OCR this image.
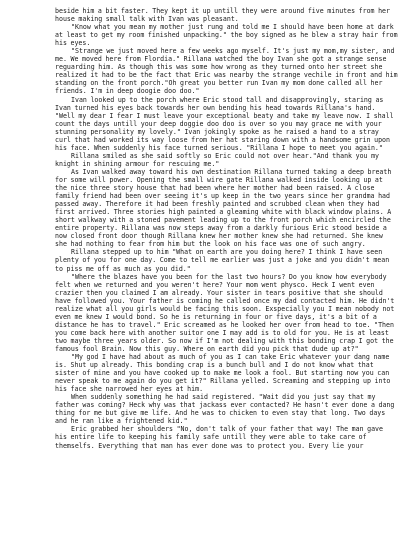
beside him a bit faster. They kept it up untill they were around five minutes from her house making small talk with Ivan was pleasant.

"Know what you mean my mother just rung and told me I should have been home at dark at least to get my room finished unpacking." the boy signed as he blew a stray hair from his eyes.

"Strange we just moved here a few weeks ago myself. It's just my mom,my sister, and me. We moved here from Flordia." Rillana watched the boy Ivan she got a strange sense reguarding him. As though this was some how wrong as they turned onto her street she realized it had to be the fact that Eric was nearby the strange vechile in front and him standing on the front porch."Oh great you better run Ivan my mom done called all her friends. I'm in deep doogie doo doo."

Ivan looked up to the porch where Eric stood tall and disapprovingly, staring as Ivan turned his eyes back towards her own bending his head towards Rillana's hand. "Well my dear I fear I must leave your exceptional beaty and take my leave now. I shall count the days untill your deep doggie doo doo is over so you may grace me with your stunning personality my lovely." Ivan jokingly spoke as he raised a hand to a stray curl that had worked its way loose from her hat staring down with a handsome grin upon his face. When suddenly his face turned serious. "Rillana I hope to meet you again."

Rillana smiled as she said softly so Eric could not over hear."And thank you my knight in shining armour for rescuing me."

As Ivan walked away toward his own destination Rillana turned taking a deep breath for some will power. Opening the small wire gate Rillana walked inside looking up at the nice three story house that had been where her mother had been raised. A close family friend had been over seeing it's up keep in the two years since her grandma had passed away. Therefore it had been freshly painted and scrubbed clean when they had first arrived. Three stories high painted a gleaming white with black window plains. A short walkway with a stoned pavement leading up to the front porch which encircled the entire property. Rillana was now steps away from a darkly furious Eric stood beside a now closed front door though Rillana knew her mother knew she had returned. She knew she had nothing to fear from him but the look on his face was one of such angry.

Rillana stepped up to him "What on earth are you doing here? I think I have seen plenty of you for one day. Come to tell me earlier was just a joke and you didn't mean to piss me off as much as you did."

"Where the blazes have you been for the last two hours? Do you know how everybody felt when we returned and you weren't here? Your mom went physco. Heck I went even crazier then you claimed I am already. Your sister in tears positive that she should have followed you. Your father is coming he called once my dad contacted him. He didn't realize what all you girls would be facing this soon. Exspecially you I mean nobody not even me knew I would bond. So he is returning in four or five days, it's a bit of a distance he has to travel." Eric screamed as he looked her over from head to toe. "Then you come back here with another suitor one I may add is to old for you. He is at least two maybe three years older. So now if I'm not dealing with this bonding crap I got the famous fool Brain. Now this guy. Where on earth did you pick that dude up at?"

"My god I have had about as much of you as I can take Eric whatever your dang name is. Shut up already. This bonding crap is a bunch bull and I do not know what that sister of mine and you have cooked up to make me look a fool. But starting now you can never speak to me again do you get it?" Rillana yelled. Screaming and stepping up into his face she narrowed her eyes at him.

When suddenly something he had said registered. "Wait did you just say that my father was coming? Heck why was that jackass ever contacted? He hasn't ever done a dang thing for me but give me life. And he was to chicken to even stay that long. Two days and he ran like a frightened kid."

Eric grabbed her shoulders "No, don't talk of your father that way! The man gave his entire life to keeping his family safe untill they were able to take care of themselfs. Everything that man has ever done was to protect you. Every lie your
